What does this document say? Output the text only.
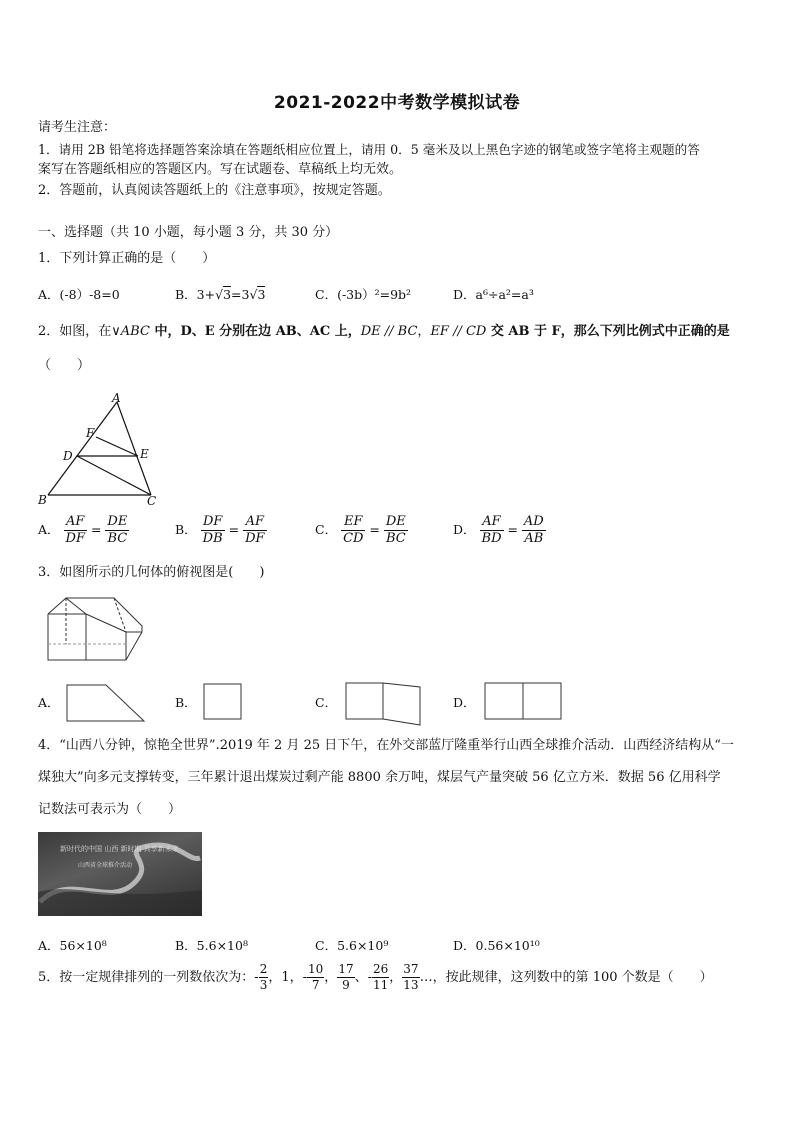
2021-2022中考数学模拟试卷
请考生注意：
1．请用 2B 铅笔将选择题答案涂填在答题纸相应位置上，请用 0．5 毫米及以上黑色字迹的钢笔或签字笔将主观题的答
案写在答题纸相应的答题区内。写在试题卷、草稿纸上均无效。
2．答题前，认真阅读答题纸上的《注意事项》，按规定答题。
一、选择题（共 10 小题，每小题 3 分，共 30 分）
1．下列计算正确的是（　　）
A．(-8）-8=0	B．3+√3=3√3	C．(-3b）²=9b²	D．a⁶÷a²=a³
2．如图，在∨ABC 中，D、E 分别在边 AB、AC 上，DE // BC，EF // CD 交 AB 于 F，那么下列比例式中正确的是
（　　）
A
B	C
D	E
F
A． $\frac{AF}{DF} = \frac{DE}{BC}$	B． $\frac{DF}{DB} = \frac{AF}{DF}$	C． $\frac{EF}{CD} = \frac{DE}{BC}$	D． $\frac{AF}{BD} = \frac{AD}{AB}$
3．如图所示的几何体的俯视图是(　　)
A．	B．	C．	D．
4．“山西八分钟，惊艳全世界”.2019 年 2 月 25 日下午，在外交部蓝厅隆重举行山西全球推介活动．山西经济结构从“一
煤独大”向多元支撑转变，三年累计退出煤炭过剩产能 8800 余万吨，煤层气产量突破 56 亿立方米．数据 56 亿用科学
记数法可表示为（　　）
新时代的中国 山西 新时期 共享新未来
山西省全球推介活动
A．56×10⁸	B．5.6×10⁸	C．5.6×10⁹	D．0.56×10¹⁰
5．按一定规律排列的一列数依次为：- $\frac{2}{3}$ ，1，- $\frac{10}{7}$ ， $\frac{17}{9}$ 、- $\frac{26}{11}$ ， $\frac{37}{13}$ …，按此规律，这列数中的第 100 个数是（　　）
